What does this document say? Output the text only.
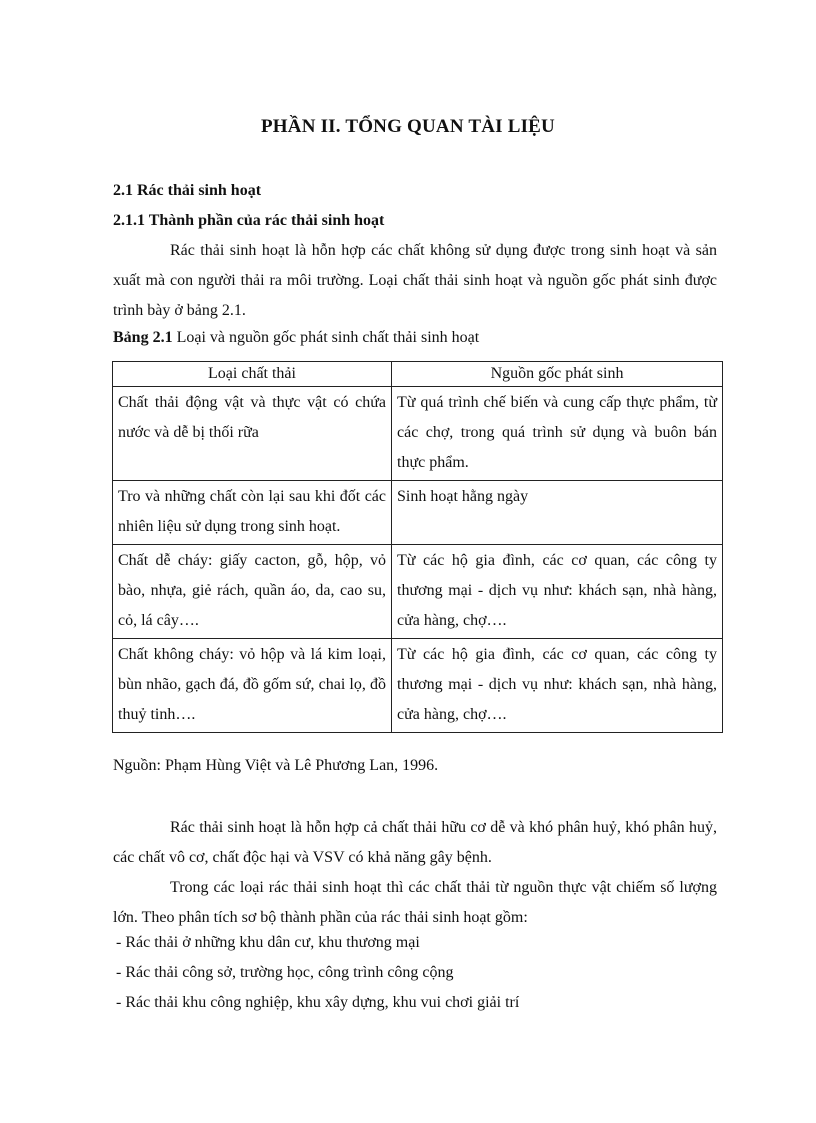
PHẦN II. TỔNG QUAN TÀI LIỆU
2.1 Rác thải sinh hoạt
2.1.1 Thành phần của rác thải sinh hoạt
Rác thải sinh hoạt là hỗn hợp các chất không sử dụng được trong sinh hoạt và sản xuất mà con người thải ra môi trường. Loại chất thải sinh hoạt và nguồn gốc phát sinh được trình bày ở bảng 2.1.
Bảng 2.1 Loại và nguồn gốc phát sinh chất thải sinh hoạt
Loại chất thải	Nguồn gốc phát sinh
Chất thải động vật và thực vật có chứa nước và dễ bị thối rữa	Từ quá trình chế biến và cung cấp thực phẩm, từ các chợ, trong quá trình sử dụng và buôn bán thực phẩm.
Tro và những chất còn lại sau khi đốt các nhiên liệu sử dụng trong sinh hoạt.	Sinh hoạt hằng ngày
Chất dễ cháy: giấy cacton, gỗ, hộp, vỏ bào, nhựa, giẻ rách, quần áo, da, cao su, cỏ, lá cây….	Từ các hộ gia đình, các cơ quan, các công ty thương mại - dịch vụ như: khách sạn, nhà hàng, cửa hàng, chợ….
Chất không cháy: vỏ hộp và lá kim loại, bùn nhão, gạch đá, đồ gốm sứ, chai lọ, đồ thuỷ tinh….	Từ các hộ gia đình, các cơ quan, các công ty thương mại - dịch vụ như: khách sạn, nhà hàng, cửa hàng, chợ….
Nguồn: Phạm Hùng Việt và Lê Phương Lan, 1996.
Rác thải sinh hoạt là hỗn hợp cả chất thải hữu cơ dễ và khó phân huỷ, khó phân huỷ, các chất vô cơ, chất độc hại và VSV có khả năng gây bệnh.
Trong các loại rác thải sinh hoạt thì các chất thải từ nguồn thực vật chiếm số lượng lớn. Theo phân tích sơ bộ thành phần của rác thải sinh hoạt gồm:
- Rác thải ở những khu dân cư, khu thương mại
- Rác thải công sở, trường học, công trình công cộng
- Rác thải khu công nghiệp, khu xây dựng, khu vui chơi giải trí
